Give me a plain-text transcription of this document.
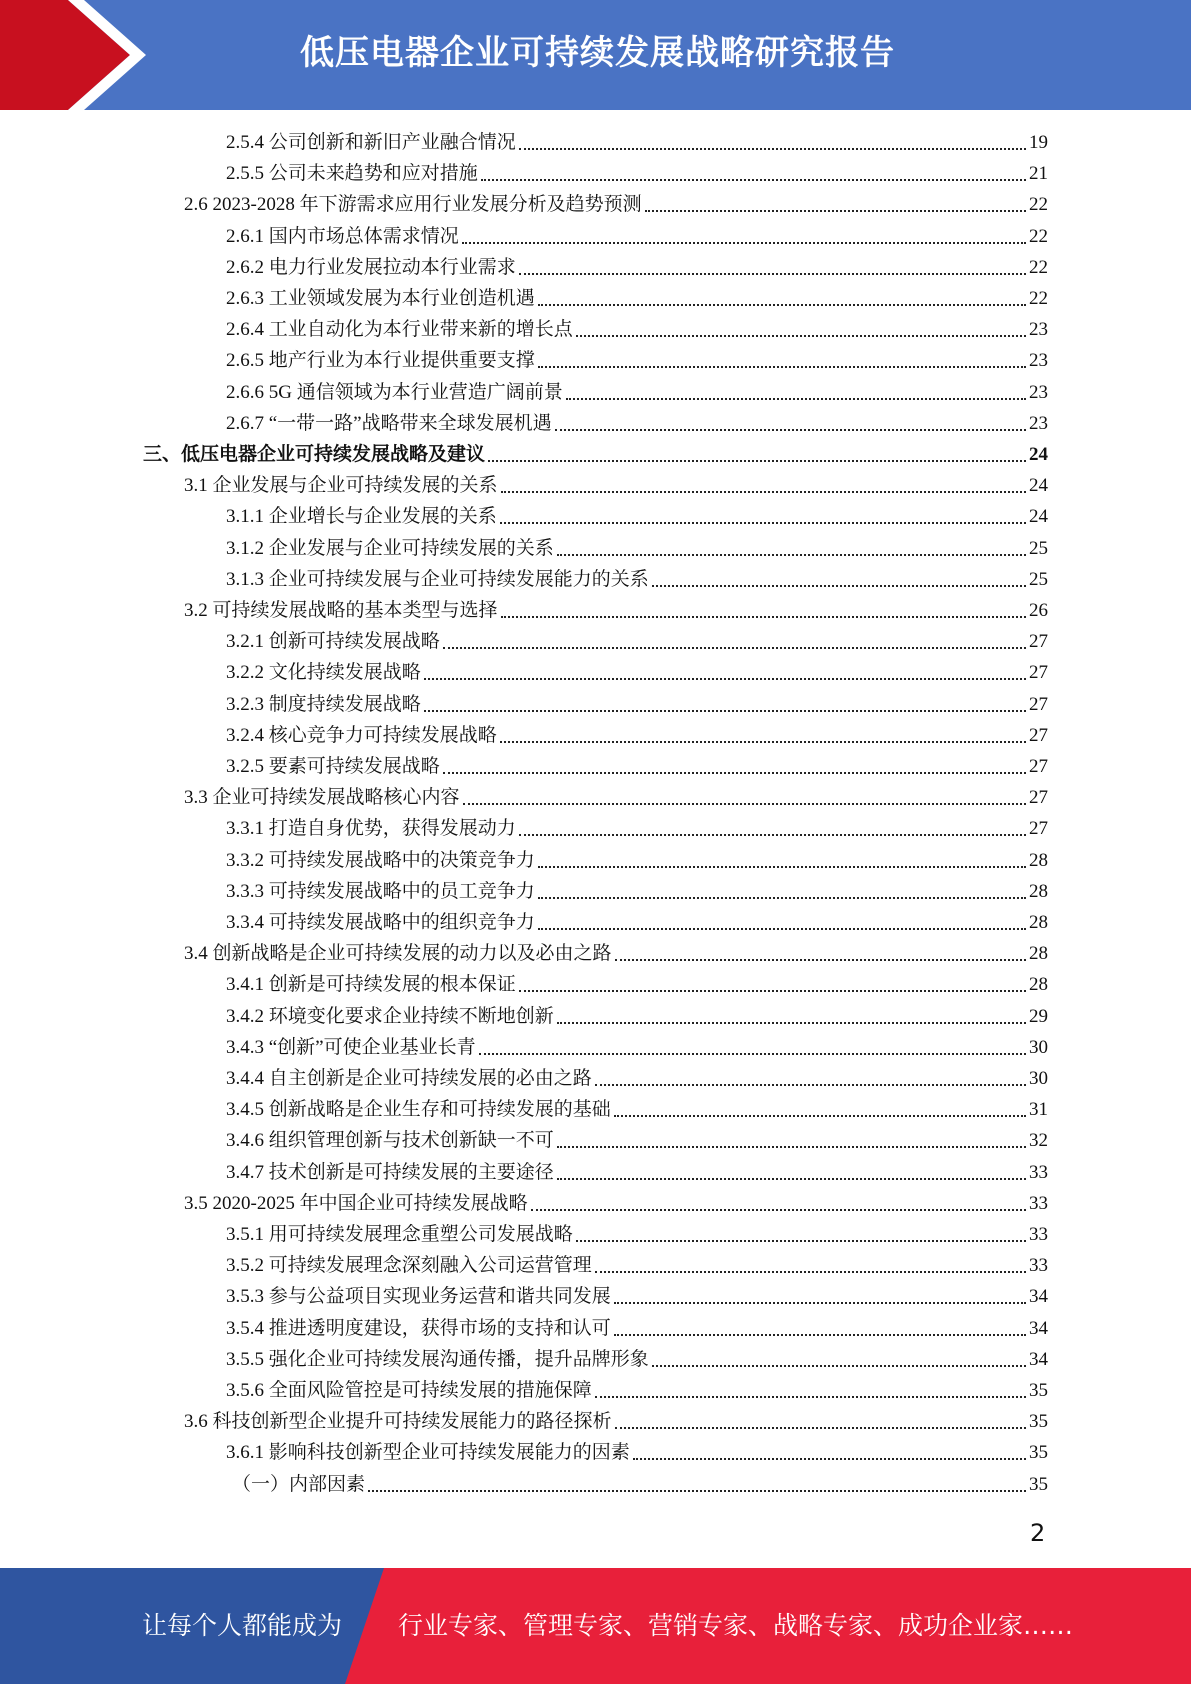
低压电器企业可持续发展战略研究报告
2.5.4 公司创新和新旧产业融合情况	19
2.5.5 公司未来趋势和应对措施	21
2.6 2023-2028 年下游需求应用行业发展分析及趋势预测	22
2.6.1 国内市场总体需求情况	22
2.6.2 电力行业发展拉动本行业需求	22
2.6.3 工业领域发展为本行业创造机遇	22
2.6.4 工业自动化为本行业带来新的增长点	23
2.6.5 地产行业为本行业提供重要支撑	23
2.6.6 5G 通信领域为本行业营造广阔前景	23
2.6.7 “一带一路”战略带来全球发展机遇	23
三、低压电器企业可持续发展战略及建议	24
3.1 企业发展与企业可持续发展的关系	24
3.1.1 企业增长与企业发展的关系	24
3.1.2 企业发展与企业可持续发展的关系	25
3.1.3 企业可持续发展与企业可持续发展能力的关系	25
3.2 可持续发展战略的基本类型与选择	26
3.2.1 创新可持续发展战略	27
3.2.2 文化持续发展战略	27
3.2.3 制度持续发展战略	27
3.2.4 核心竞争力可持续发展战略	27
3.2.5 要素可持续发展战略	27
3.3 企业可持续发展战略核心内容	27
3.3.1 打造自身优势，获得发展动力	27
3.3.2 可持续发展战略中的决策竞争力	28
3.3.3 可持续发展战略中的员工竞争力	28
3.3.4 可持续发展战略中的组织竞争力	28
3.4 创新战略是企业可持续发展的动力以及必由之路	28
3.4.1 创新是可持续发展的根本保证	28
3.4.2 环境变化要求企业持续不断地创新	29
3.4.3 “创新”可使企业基业长青	30
3.4.4 自主创新是企业可持续发展的必由之路	30
3.4.5 创新战略是企业生存和可持续发展的基础	31
3.4.6 组织管理创新与技术创新缺一不可	32
3.4.7 技术创新是可持续发展的主要途径	33
3.5 2020-2025 年中国企业可持续发展战略	33
3.5.1 用可持续发展理念重塑公司发展战略	33
3.5.2 可持续发展理念深刻融入公司运营管理	33
3.5.3 参与公益项目实现业务运营和谐共同发展	34
3.5.4 推进透明度建设，获得市场的支持和认可	34
3.5.5 强化企业可持续发展沟通传播，提升品牌形象	34
3.5.6 全面风险管控是可持续发展的措施保障	35
3.6 科技创新型企业提升可持续发展能力的路径探析	35
3.6.1 影响科技创新型企业可持续发展能力的因素	35
（一）内部因素	35
2
让每个人都能成为 行业专家、管理专家、营销专家、战略专家、成功企业家……
